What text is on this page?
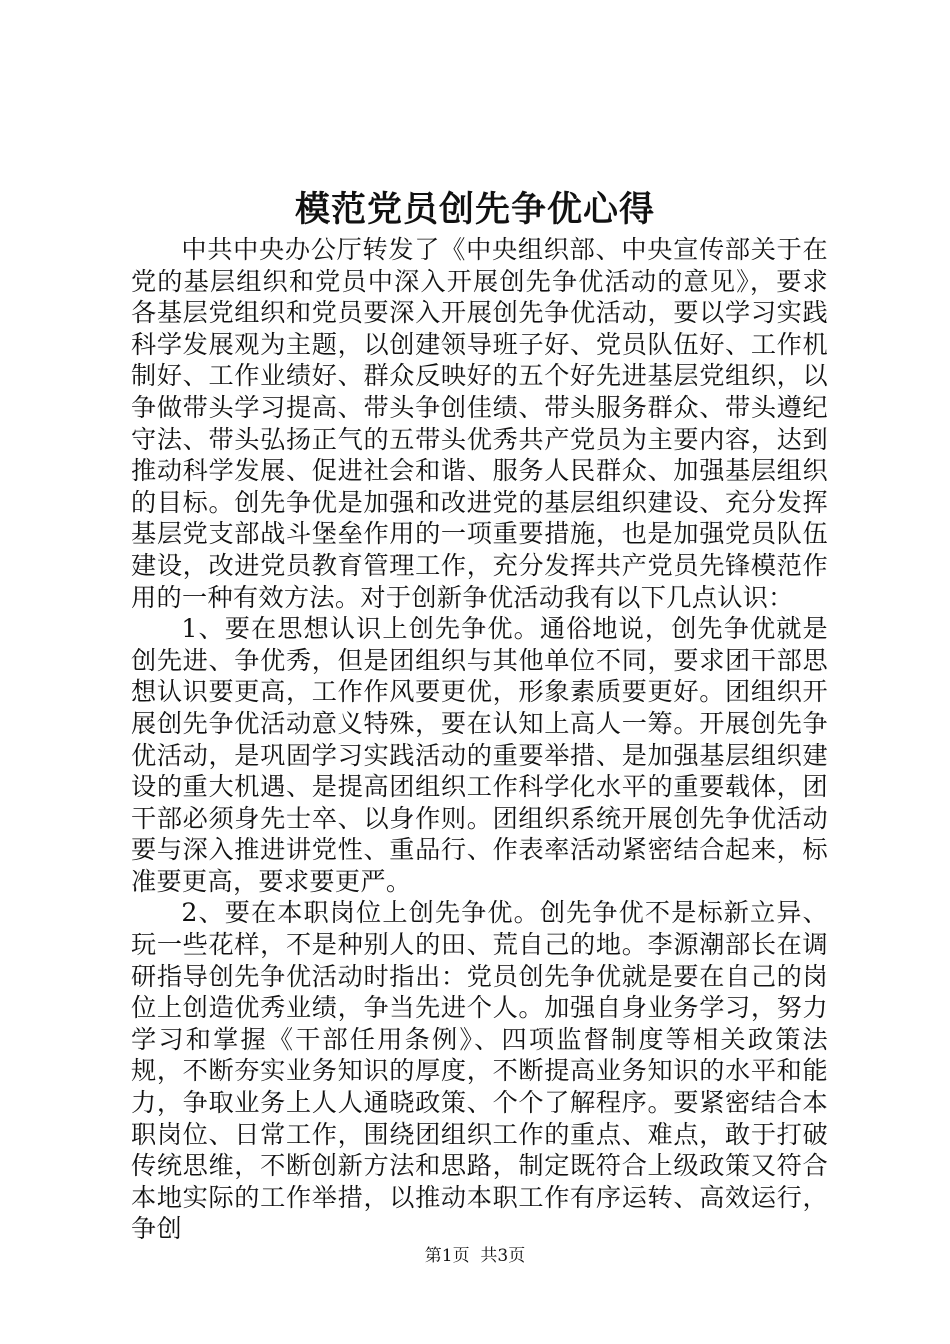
模范党员创先争优心得

中共中央办公厅转发了《中央组织部、中央宣传部关于在党的基层组织和党员中深入开展创先争优活动的意见》，要求各基层党组织和党员要深入开展创先争优活动，要以学习实践科学发展观为主题，以创建领导班子好、党员队伍好、工作机制好、工作业绩好、群众反映好的五个好先进基层党组织，以争做带头学习提高、带头争创佳绩、带头服务群众、带头遵纪守法、带头弘扬正气的五带头优秀共产党员为主要内容，达到推动科学发展、促进社会和谐、服务人民群众、加强基层组织的目标。创先争优是加强和改进党的基层组织建设、充分发挥基层党支部战斗堡垒作用的一项重要措施，也是加强党员队伍建设，改进党员教育管理工作，充分发挥共产党员先锋模范作用的一种有效方法。对于创新争优活动我有以下几点认识：

1、要在思想认识上创先争优。通俗地说，创先争优就是创先进、争优秀，但是团组织与其他单位不同，要求团干部思想认识要更高，工作作风要更优，形象素质要更好。团组织开展创先争优活动意义特殊，要在认知上高人一筹。开展创先争优活动，是巩固学习实践活动的重要举措、是加强基层组织建设的重大机遇、是提高团组织工作科学化水平的重要载体，团干部必须身先士卒、以身作则。团组织系统开展创先争优活动要与深入推进讲党性、重品行、作表率活动紧密结合起来，标准要更高，要求要更严。

2、要在本职岗位上创先争优。创先争优不是标新立异、玩一些花样，不是种别人的田、荒自己的地。李源潮部长在调研指导创先争优活动时指出：党员创先争优就是要在自己的岗位上创造优秀业绩，争当先进个人。加强自身业务学习，努力学习和掌握《干部任用条例》、四项监督制度等相关政策法规，不断夯实业务知识的厚度，不断提高业务知识的水平和能力，争取业务上人人通晓政策、个个了解程序。要紧密结合本职岗位、日常工作，围绕团组织工作的重点、难点，敢于打破传统思维，不断创新方法和思路，制定既符合上级政策又符合本地实际的工作举措，以推动本职工作有序运转、高效运行，争创

第1页 共3页
